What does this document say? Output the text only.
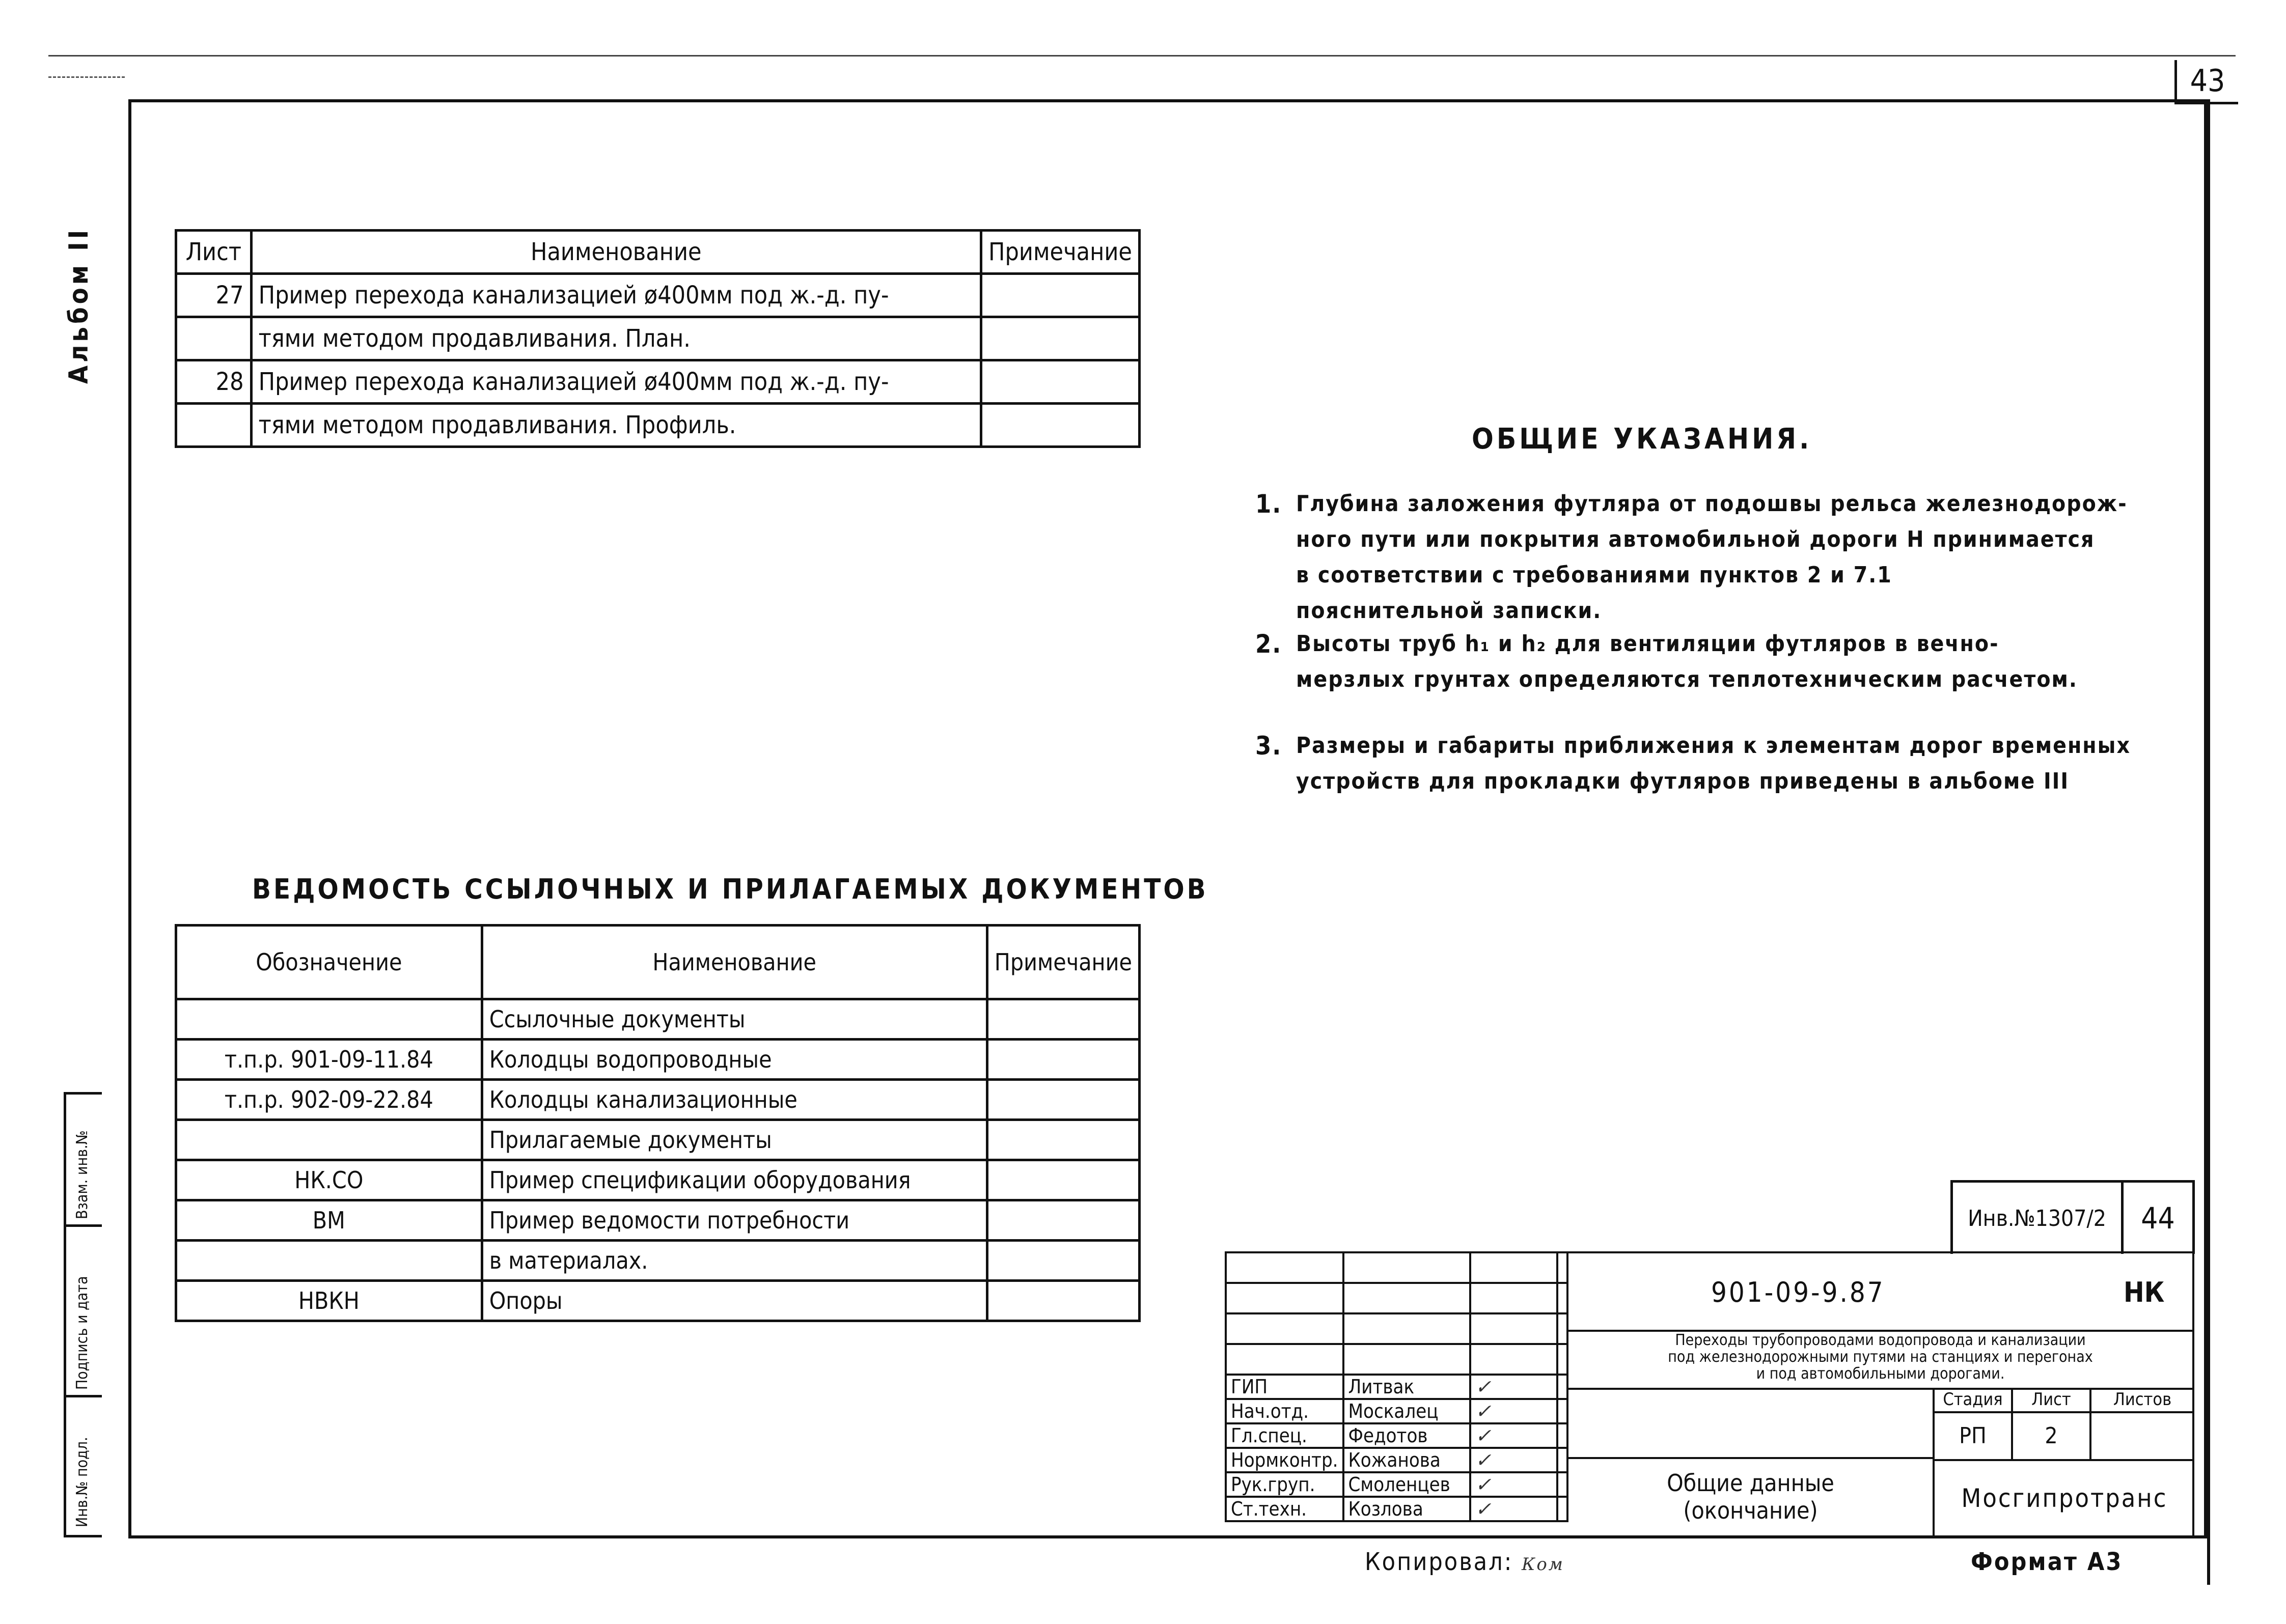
43
Альбом II	Лист	Наименование	Примечание
27	Пример перехода канализацией ø400мм под ж.-д. пу-	
	тями методом продавливания. План.	
28	Пример перехода канализацией ø400мм под ж.-д. пу-	
	тями методом продавливания. Профиль.		ОБЩИЕ УКАЗАНИЯ.
1. Глубина заложения футляра от подошвы рельса железнодорож-
ного пути или покрытия автомобильной дороги H принимается
в соответствии с требованиями пунктов 2 и 7.1
пояснительной записки.
2. Высоты труб h₁ и h₂ для вентиляции футляров в вечно-
мерзлых грунтах определяются теплотехническим расчетом.
3. Размеры и габариты приближения к элементам дорог временных
устройств для прокладки футляров приведены в альбоме III
ВЕДОМОСТЬ ССЫЛОЧНЫХ И ПРИЛАГАЕМЫХ ДОКУМЕНТОВ
Обозначение	Наименование	Примечание
	Ссылочные документы	
т.п.р. 901-09-11.84	Колодцы водопроводные	
т.п.р. 902-09-22.84	Колодцы канализационные	
	Прилагаемые документы	
НК.СО	Пример спецификации оборудования	
ВМ	Пример ведомости потребности	
	в материалах.	
НВКН	Опоры	
Взам. инв.№
Подпись и дата
Инв.№ подл.
Инв.№1307/2	44

ГИП	Литвак	✓	
Нач.отд.	Москалец	✓	
Гл.спец.	Федотов	✓	
Нормконтр.	Кожанова	✓	
Рук.груп.	Смоленцев	✓	
Ст.техн.	Козлова	✓	
901-09-9.87	НК
Переходы трубопроводами водопровода и канализации
под железнодорожными путями на станциях и перегонах
и под автомобильными дорогами.
Стадия	Лист	Листов
РП	2
Мосгипротранс
Общие данные
(окончание)
Копировал: Ком	Формат А3
